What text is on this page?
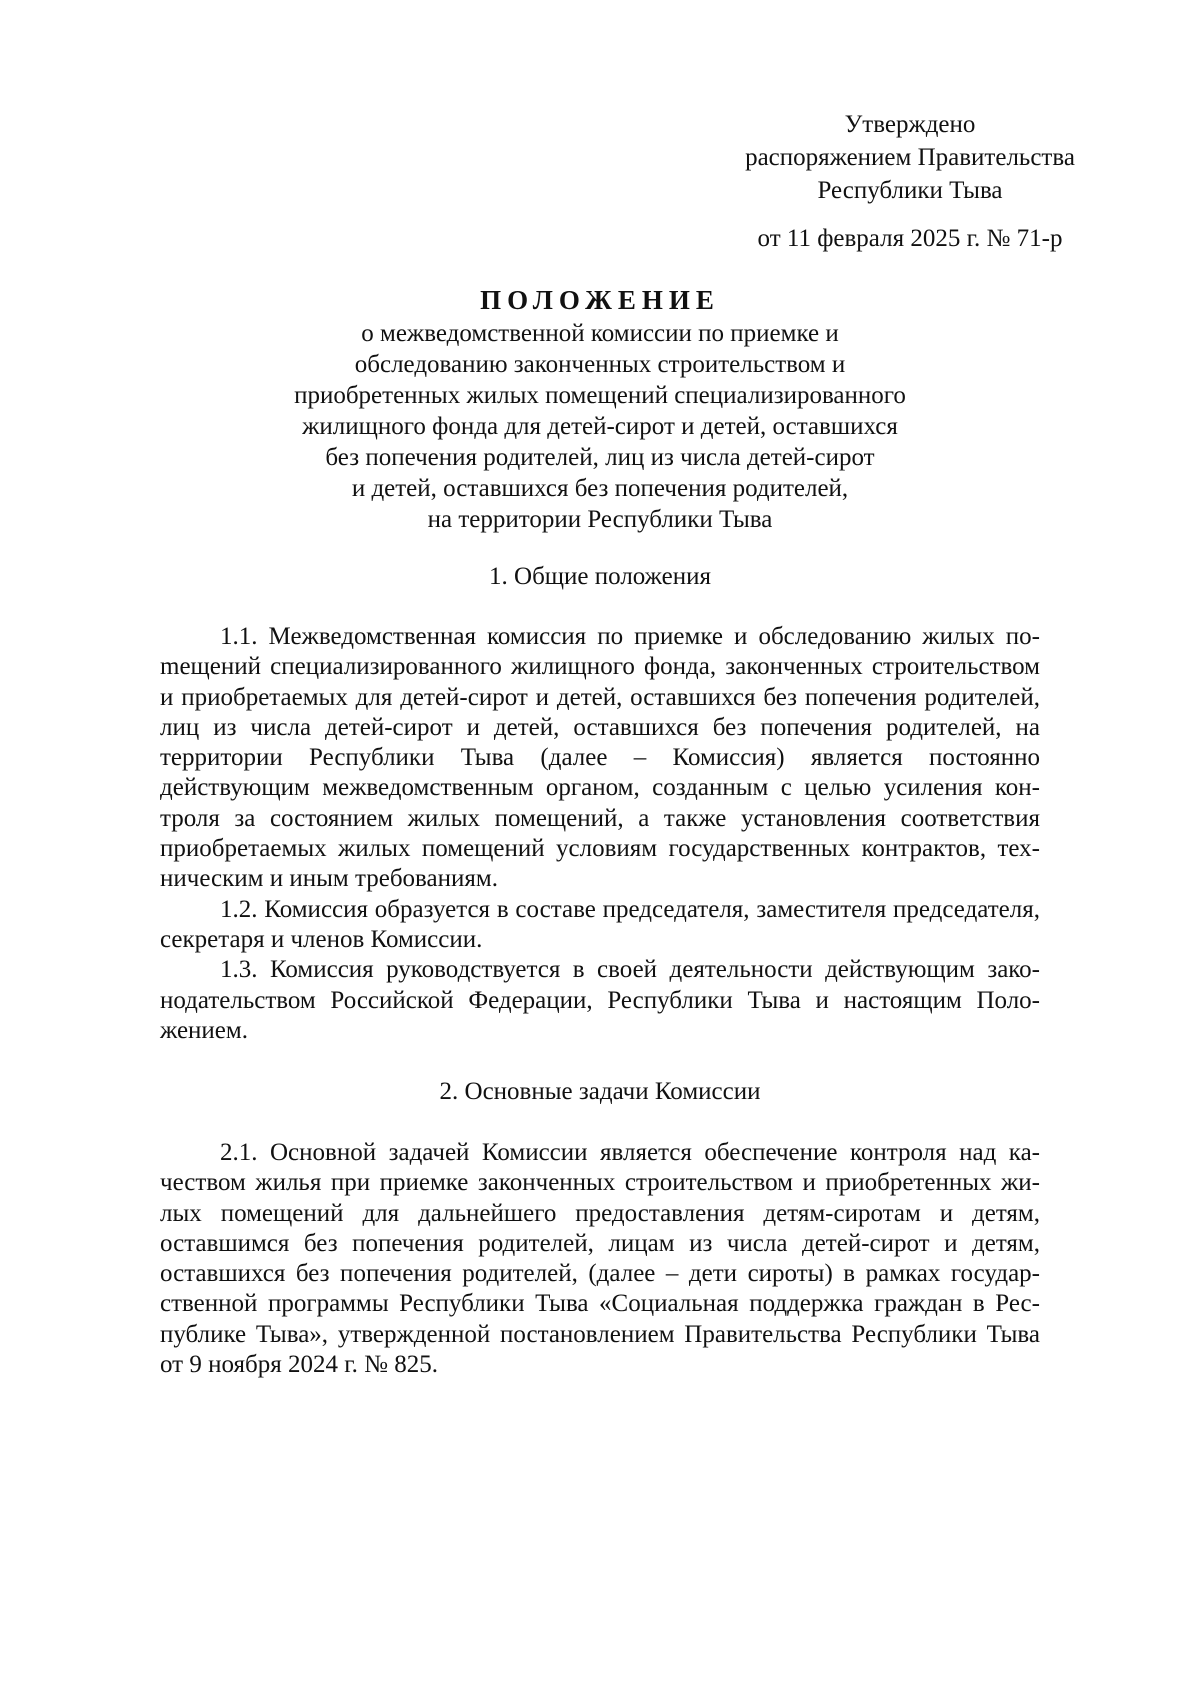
Утверждено
распоряжением Правительства
Республики Тыва
от 11 февраля 2025 г. № 71-р
ПОЛОЖЕНИЕ
о межведомственной комиссии по приемке и
обследованию законченных строительством и
приобретенных жилых помещений специализированного
жилищного фонда для детей-сирот и детей, оставшихся
без попечения родителей, лиц из числа детей-сирот
и детей, оставшихся без попечения родителей,
на территории Республики Тыва
1. Общие положения

1.1. Межведомственная комиссия по приемке и обследованию жилых поmещений специализированного жилищного фонда, законченных строительством и приобретаемых для детей-сирот и детей, оставшихся без попечения родителей, лиц из числа детей-сирот и детей, оставшихся без попечения родителей, на территории Республики Тыва (далее – Комиссия) является постоянно действующим межведомственным органом, созданным с целью усиления контроля за состоянием жилых помещений, а также установления соответствия приобретаемых жилых помещений условиям государственных контрактов, техническим и иным требованиям.

1.2. Комиссия образуется в составе председателя, заместителя председателя, секретаря и членов Комиссии.

1.3. Комиссия руководствуется в своей деятельности действующим законодательством Российской Федерации, Республики Тыва и настоящим Положением.

2. Основные задачи Комиссии

2.1. Основной задачей Комиссии является обеспечение контроля над качеством жилья при приемке законченных строительством и приобретенных жилых помещений для дальнейшего предоставления детям-сиротам и детям, оставшимся без попечения родителей, лицам из числа детей-сирот и детям, оставшихся без попечения родителей, (далее – дети сироты) в рамках государственной программы Республики Тыва «Социальная поддержка граждан в Республике Тыва», утвержденной постановлением Правительства Республики Тыва от 9 ноября 2024 г. № 825.
